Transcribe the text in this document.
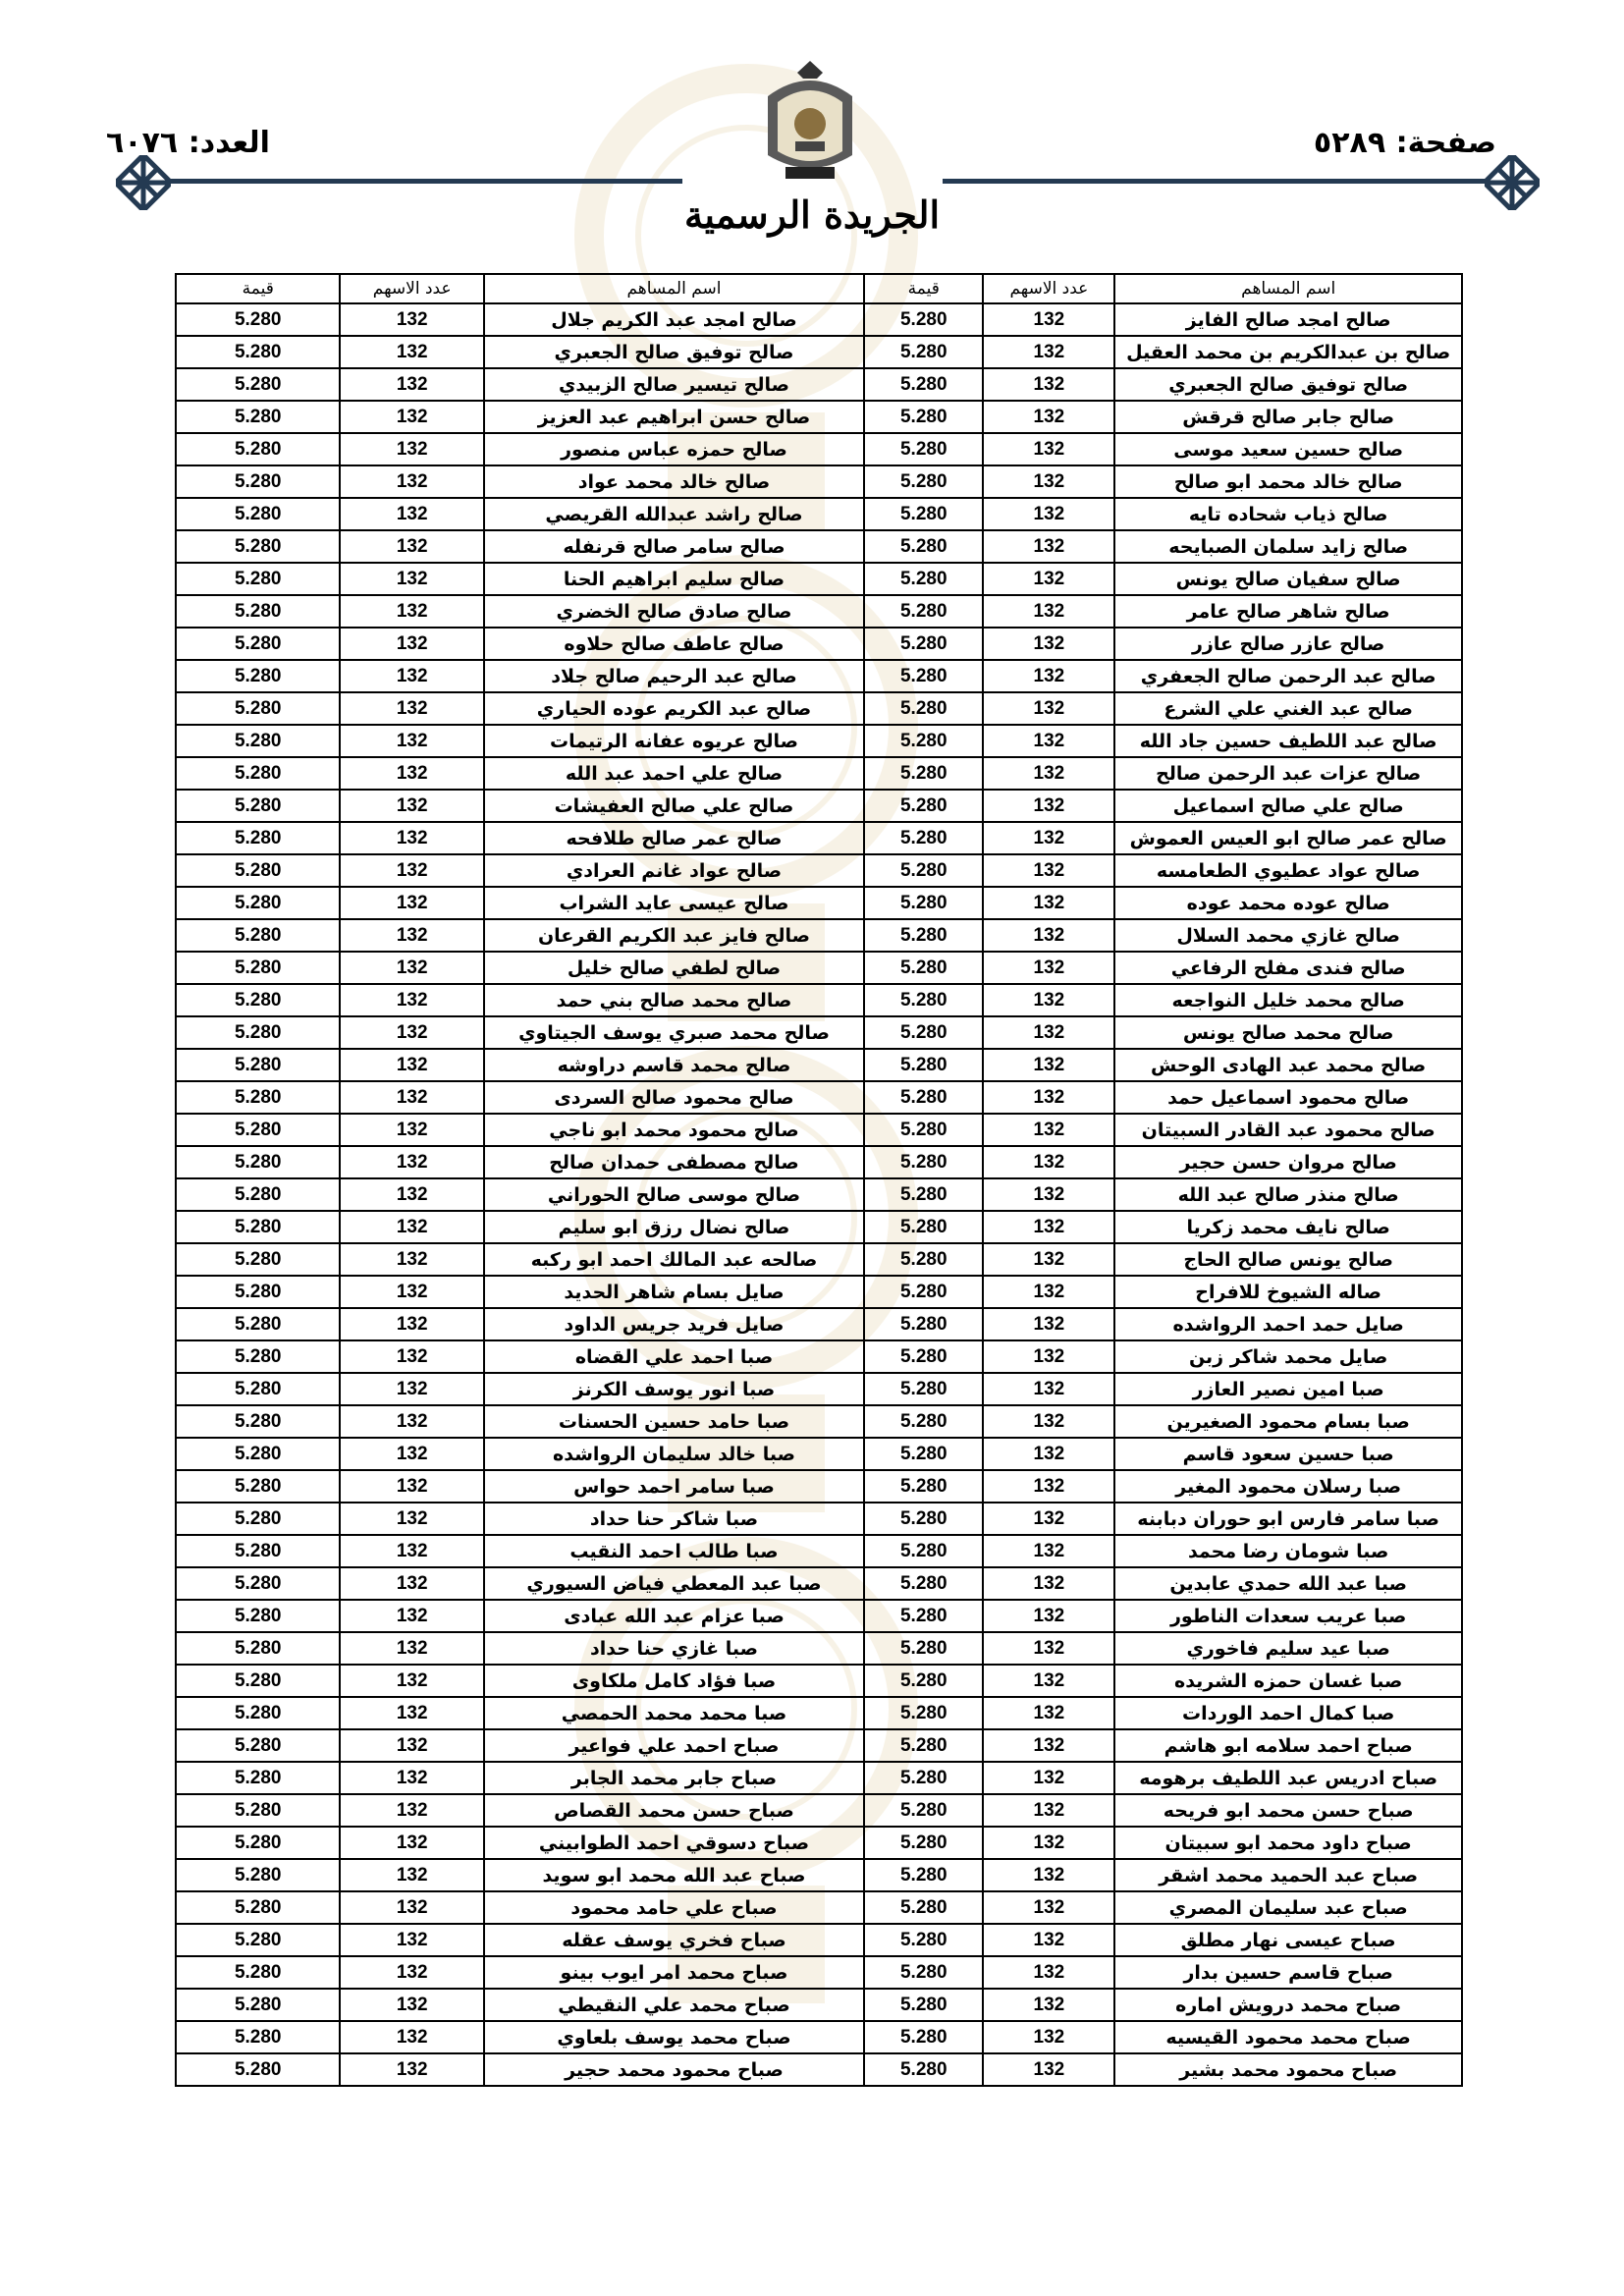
صفحة: ٥٢٨٩
العدد: ٦٠٧٦
الجريدة الرسمية
اسم المساهم	عدد الاسهم	قيمة	اسم المساهم	عدد الاسهم	قيمة
صالح امجد صالح الفايز	132	5.280	صالح امجد عبد الكريم جلال	132	5.280
صالح بن عبدالكريم بن محمد العقيل	132	5.280	صالح توفيق صالح الجعبري	132	5.280
صالح توفيق صالح الجعبري	132	5.280	صالح تيسير صالح الزبيدي	132	5.280
صالح جابر صالح قرقش	132	5.280	صالح حسن ابراهيم عبد العزيز	132	5.280
صالح حسين سعيد موسى	132	5.280	صالح حمزه عباس منصور	132	5.280
صالح خالد محمد ابو صالح	132	5.280	صالح خالد محمد عواد	132	5.280
صالح ذياب شحاده تايه	132	5.280	صالح راشد عبدالله القريصي	132	5.280
صالح زايد سلمان الصبايحه	132	5.280	صالح سامر صالح قرنفله	132	5.280
صالح سفيان صالح يونس	132	5.280	صالح سليم ابراهيم الحنا	132	5.280
صالح شاهر صالح عامر	132	5.280	صالح صادق صالح الخضري	132	5.280
صالح عازر صالح عازر	132	5.280	صالح عاطف صالح حلاوه	132	5.280
صالح عبد الرحمن صالح الجعفري	132	5.280	صالح عبد الرحيم صالح جلاد	132	5.280
صالح عبد الغني علي الشرع	132	5.280	صالح عبد الكريم عوده الحياري	132	5.280
صالح عبد اللطيف حسين جاد الله	132	5.280	صالح عريوه عفانه الرتيمات	132	5.280
صالح عزات عبد الرحمن صالح	132	5.280	صالح علي احمد عبد الله	132	5.280
صالح علي صالح اسماعيل	132	5.280	صالح علي صالح العفيشات	132	5.280
صالح عمر صالح ابو العيس العموش	132	5.280	صالح عمر صالح طلافحه	132	5.280
صالح عواد عطيوي الطعامسه	132	5.280	صالح عواد غانم العرادي	132	5.280
صالح عوده محمد عوده	132	5.280	صالح عيسى عايد الشراب	132	5.280
صالح غازي محمد السلال	132	5.280	صالح فايز عبد الكريم القرعان	132	5.280
صالح فندى مفلح الرفاعي	132	5.280	صالح لطفي صالح خليل	132	5.280
صالح محمد خليل النواجعه	132	5.280	صالح محمد صالح بني حمد	132	5.280
صالح محمد صالح يونس	132	5.280	صالح محمد صبري يوسف الجيتاوي	132	5.280
صالح محمد عبد الهادى الوحش	132	5.280	صالح محمد قاسم دراوشه	132	5.280
صالح محمود اسماعيل حمد	132	5.280	صالح محمود صالح السردى	132	5.280
صالح محمود عبد القادر السبيتان	132	5.280	صالح محمود محمد ابو ناجي	132	5.280
صالح مروان حسن حجير	132	5.280	صالح مصطفى حمدان صالح	132	5.280
صالح منذر صالح عبد الله	132	5.280	صالح موسى صالح الحوراني	132	5.280
صالح نايف محمد زكريا	132	5.280	صالح نضال رزق ابو سليم	132	5.280
صالح يونس صالح الحاج	132	5.280	صالحه عبد المالك احمد ابو ركبه	132	5.280
صاله الشيوخ للافراح	132	5.280	صايل بسام شاهر الحديد	132	5.280
صايل حمد احمد الرواشده	132	5.280	صايل فريد جريس الداود	132	5.280
صايل محمد شاكر زبن	132	5.280	صبا احمد علي القضاه	132	5.280
صبا امين نصير العازر	132	5.280	صبا انور يوسف الكرنز	132	5.280
صبا بسام محمود الصغيرين	132	5.280	صبا حامد حسين الحسنات	132	5.280
صبا حسين سعود قاسم	132	5.280	صبا خالد سليمان الرواشده	132	5.280
صبا رسلان محمود المغير	132	5.280	صبا سامر احمد حواس	132	5.280
صبا سامر فارس ابو حوران دبابنه	132	5.280	صبا شاكر حنا حداد	132	5.280
صبا شومان رضا محمد	132	5.280	صبا طالب احمد النقيب	132	5.280
صبا عبد الله حمدي عابدين	132	5.280	صبا عبد المعطي فياض السيوري	132	5.280
صبا عريب سعدات الناطور	132	5.280	صبا عزام عبد الله عبادى	132	5.280
صبا عيد سليم فاخوري	132	5.280	صبا غازي حنا حداد	132	5.280
صبا غسان حمزه الشريده	132	5.280	صبا فؤاد كامل ملكاوى	132	5.280
صبا كمال احمد الوردات	132	5.280	صبا محمد محمد الحمصي	132	5.280
صباح احمد سلامه ابو هاشم	132	5.280	صباح احمد علي فواعير	132	5.280
صباح ادريس عبد اللطيف برهومه	132	5.280	صباح جابر محمد الجابر	132	5.280
صباح حسن محمد ابو فريحه	132	5.280	صباح حسن محمد القصاص	132	5.280
صباح داود محمد ابو سبيتان	132	5.280	صباح دسوقي احمد الطوابيني	132	5.280
صباح عبد الحميد محمد اشقر	132	5.280	صباح عبد الله محمد ابو سويد	132	5.280
صباح عبد سليمان المصري	132	5.280	صباح علي حامد محمود	132	5.280
صباح عيسى نهار مطلق	132	5.280	صباح فخري يوسف عقله	132	5.280
صباح قاسم حسين بدار	132	5.280	صباح محمد امر ايوب بينو	132	5.280
صباح محمد درويش اماره	132	5.280	صباح محمد علي النقيطي	132	5.280
صباح محمد محمود القيسيه	132	5.280	صباح محمد يوسف بلعاوي	132	5.280
صباح محمود محمد بشير	132	5.280	صباح محمود محمد حجير	132	5.280
